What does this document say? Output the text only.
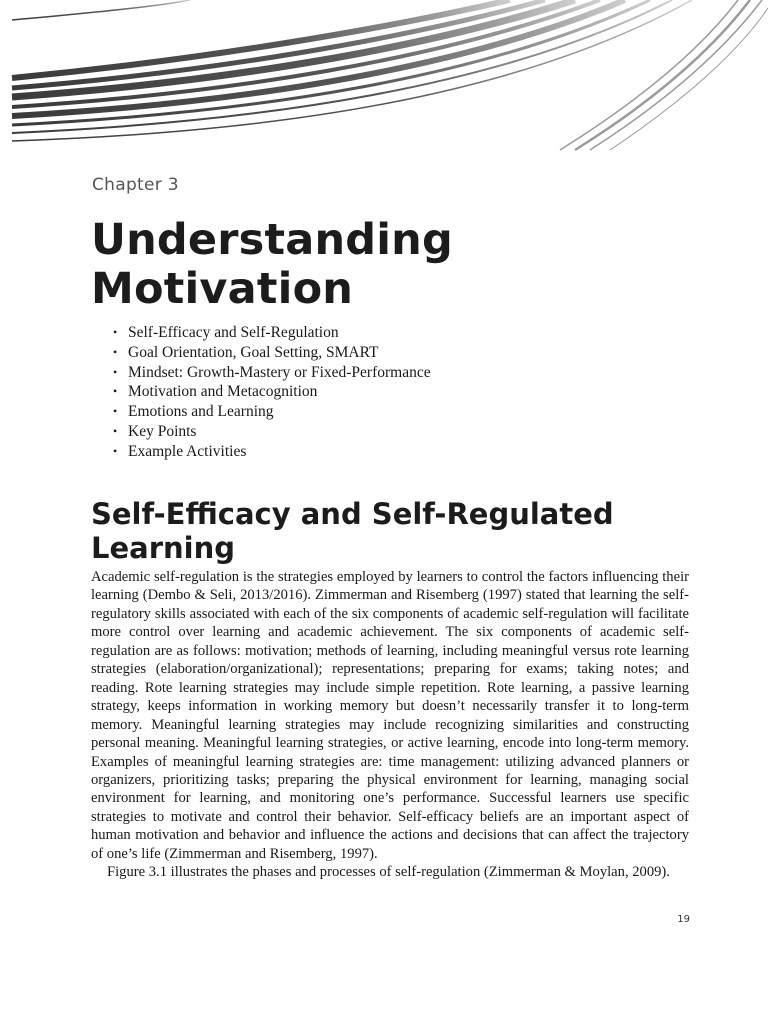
Chapter 3

Understanding Motivation
• Self-Efficacy and Self-Regulation
• Goal Orientation, Goal Setting, SMART
• Mindset: Growth-Mastery or Fixed-Performance
• Motivation and Metacognition
• Emotions and Learning
• Key Points
• Example Activities
Self-Efficacy and Self-Regulated Learning

Academic self-regulation is the strategies employed by learners to control the factors influencing their learning (Dembo & Seli, 2013/2016). Zimmerman and Risemberg (1997) stated that learning the self-regulatory skills associated with each of the six components of academic self-regulation will facilitate more control over learning and academic achievement. The six components of academic self-regulation are as follows: motivation; methods of learning, including meaningful versus rote learning strategies (elaboration/organizational); representations; preparing for exams; taking notes; and reading. Rote learning strategies may include simple repetition. Rote learning, a passive learning strategy, keeps information in working memory but doesn’t necessarily transfer it to long-term memory. Meaningful learning strategies may include recognizing similarities and constructing personal meaning. Meaningful learning strategies, or active learning, encode into long-term memory. Examples of meaningful learning strategies are: time management: utilizing advanced planners or organizers, prioritizing tasks; preparing the physical environment for learning, managing social environment for learning, and monitoring one’s performance. Successful learners use specific strategies to motivate and control their behavior. Self-efficacy beliefs are an important aspect of human motivation and behavior and influence the actions and decisions that can affect the trajectory of one’s life (Zimmerman and Risemberg, 1997).

Figure 3.1 illustrates the phases and processes of self-regulation (Zimmerman & Moylan, 2009).

19
